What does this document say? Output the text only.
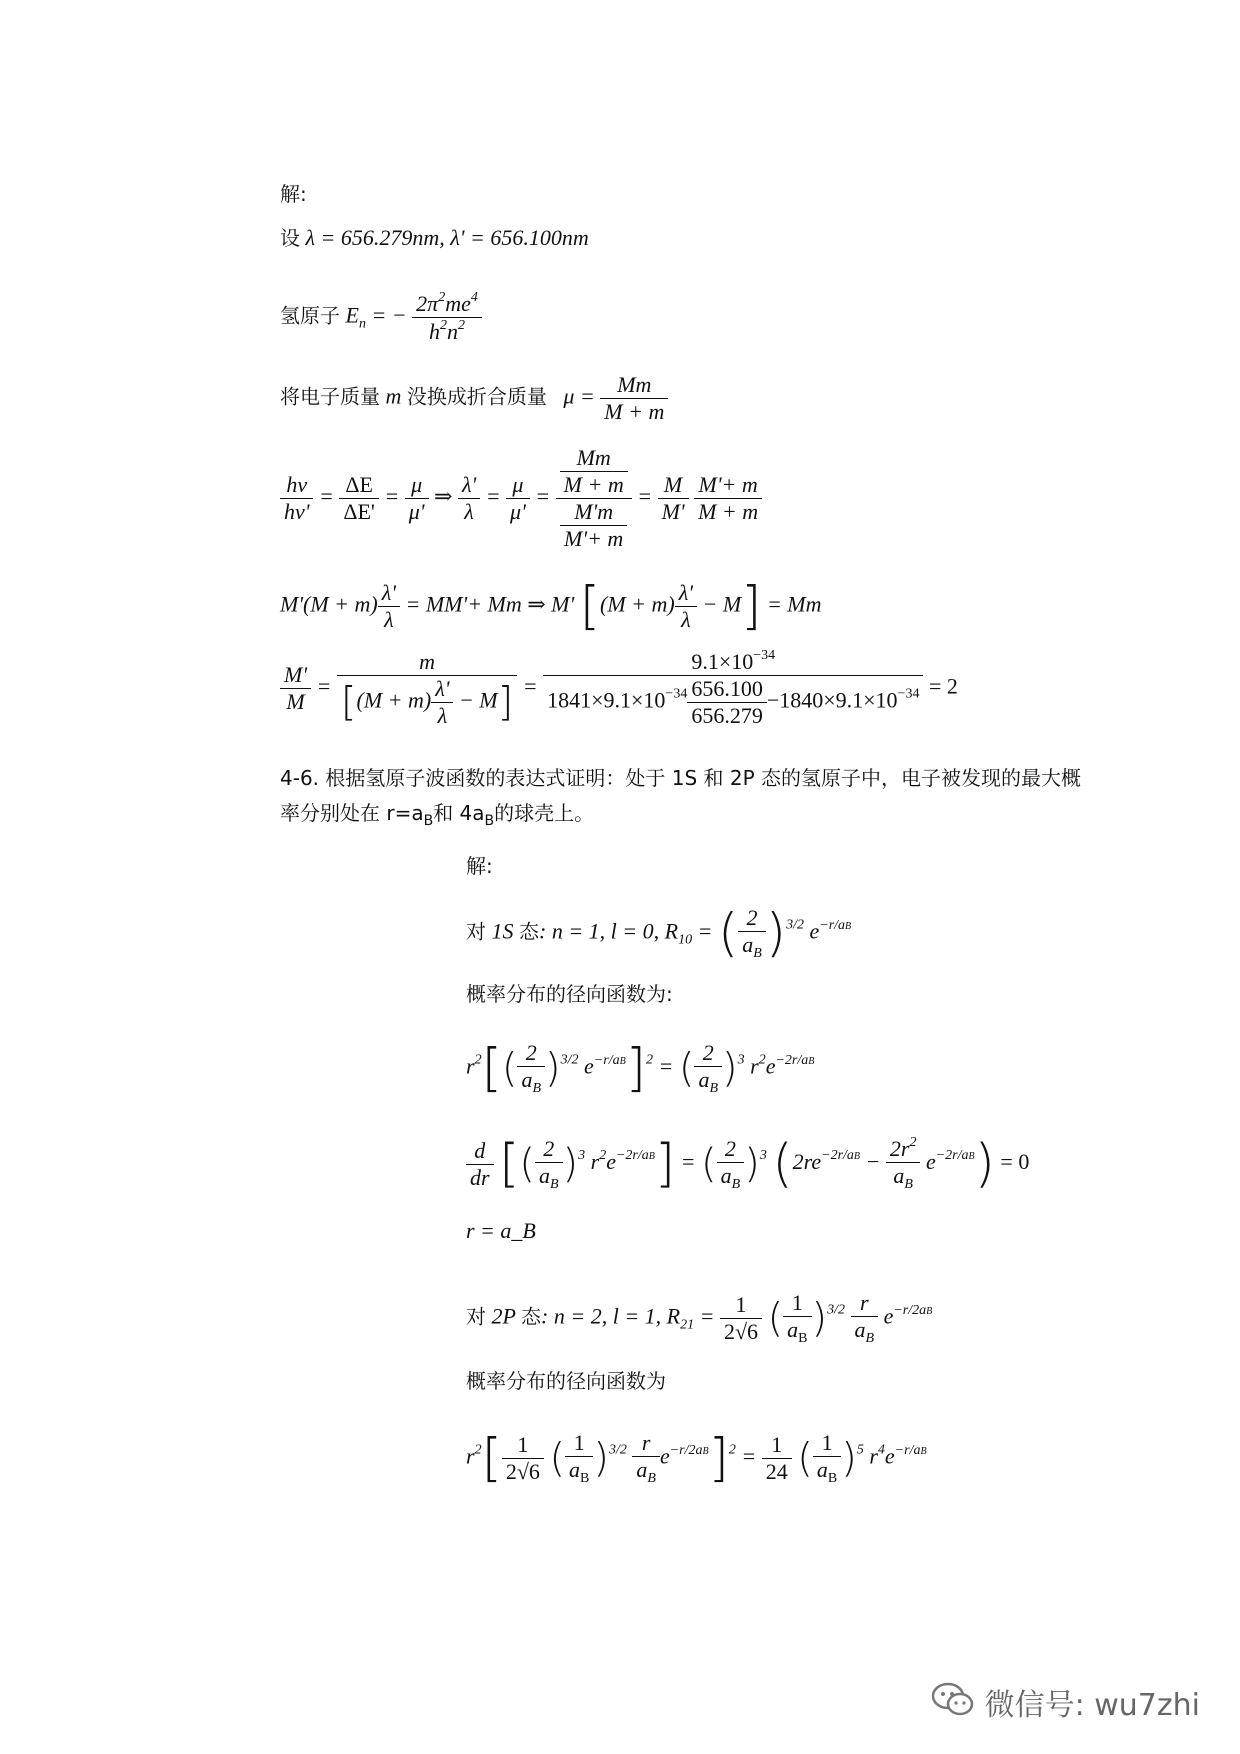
解:
设 λ = 656.279nm, λ' = 656.100nm
氢原子 $E_n$ = − $\frac{2\pi^2me^4}{h^2n^2}$
将电子质量 m 没换成折合质量   $\mu = \frac{Mm}{M + m}$
$\frac{h\nu}{h\nu'} = \frac{\Delta E}{\Delta E'} = \frac{\mu}{\mu'}$ ⇒ $\frac{\lambda'}{\lambda} = \frac{\mu}{\mu'} = \frac{\frac{Mm}{M + m}}{\frac{M'm}{M'+ m}} = \frac{M}{M'}$
$\frac{M'+ m}{M + m}$
$M'(M + m) \frac{\lambda'}{\lambda} = MM'+ Mm$ ⇒ M' $[(M + m) \frac{\lambda'}{\lambda} - M] = Mm$
$\frac{M'}{M} = \frac{m}{[(M + m) \frac{\lambda'}{\lambda} - M]} = \frac{9.1\times 10^{-34}}{1841\times 9.1\times 10^{-34} \frac{656.100}{656.279} -1840\times 9.1\times 10^{-34}} = 2$
4-6. 根据氢原子波函数的表达式证明：处于 1S 和 2P 态的氢原子中，电子被发现的最大概
率分别处在 $r=a_B$和 $4a_B$的球壳上。
解:
对 1S 态: n = 1, l = 0, $R_{10}$ = ( $\frac{2}{a_B} )^{3/2}$ $e^{-r/aB}$
概率分布的径向函数为:
$r^2[( \frac{2}{a_B} )^{3/2}$ $e^{-r/aB}]^2$ = ( $\frac{2}{a_B} )^3$ $r^2e^{-2r/aB}$
$\frac{d}{dr}$ [( $\frac{2}{a_B} )^3$ $r^2e^{-2r/aB}$] = ( $\frac{2}{a_B} )^3$ $(2re^{-2r/aB} - \frac{2r^2}{a_B} e^{-2r/aB}) = 0$
r = a_B
对 2P 态: n = 2, l = 1, $R_{21} = \frac{1}{2√6}$ ( $\frac{1}{a_B} )^{3/2} \frac{r}{a_B} e^{-r/2aB}$
概率分布的径向函数为
$r^2[ \frac{1}{2√6}$ ( $\frac{1}{a_B} )^{3/2} \frac{r}{a_B} e^{-r/2aB}]^2 = \frac{1}{24}$ ( $\frac{1}{a_B} )^5$ $r^4e^{-r/aB}$
微信号: wu7zhi
